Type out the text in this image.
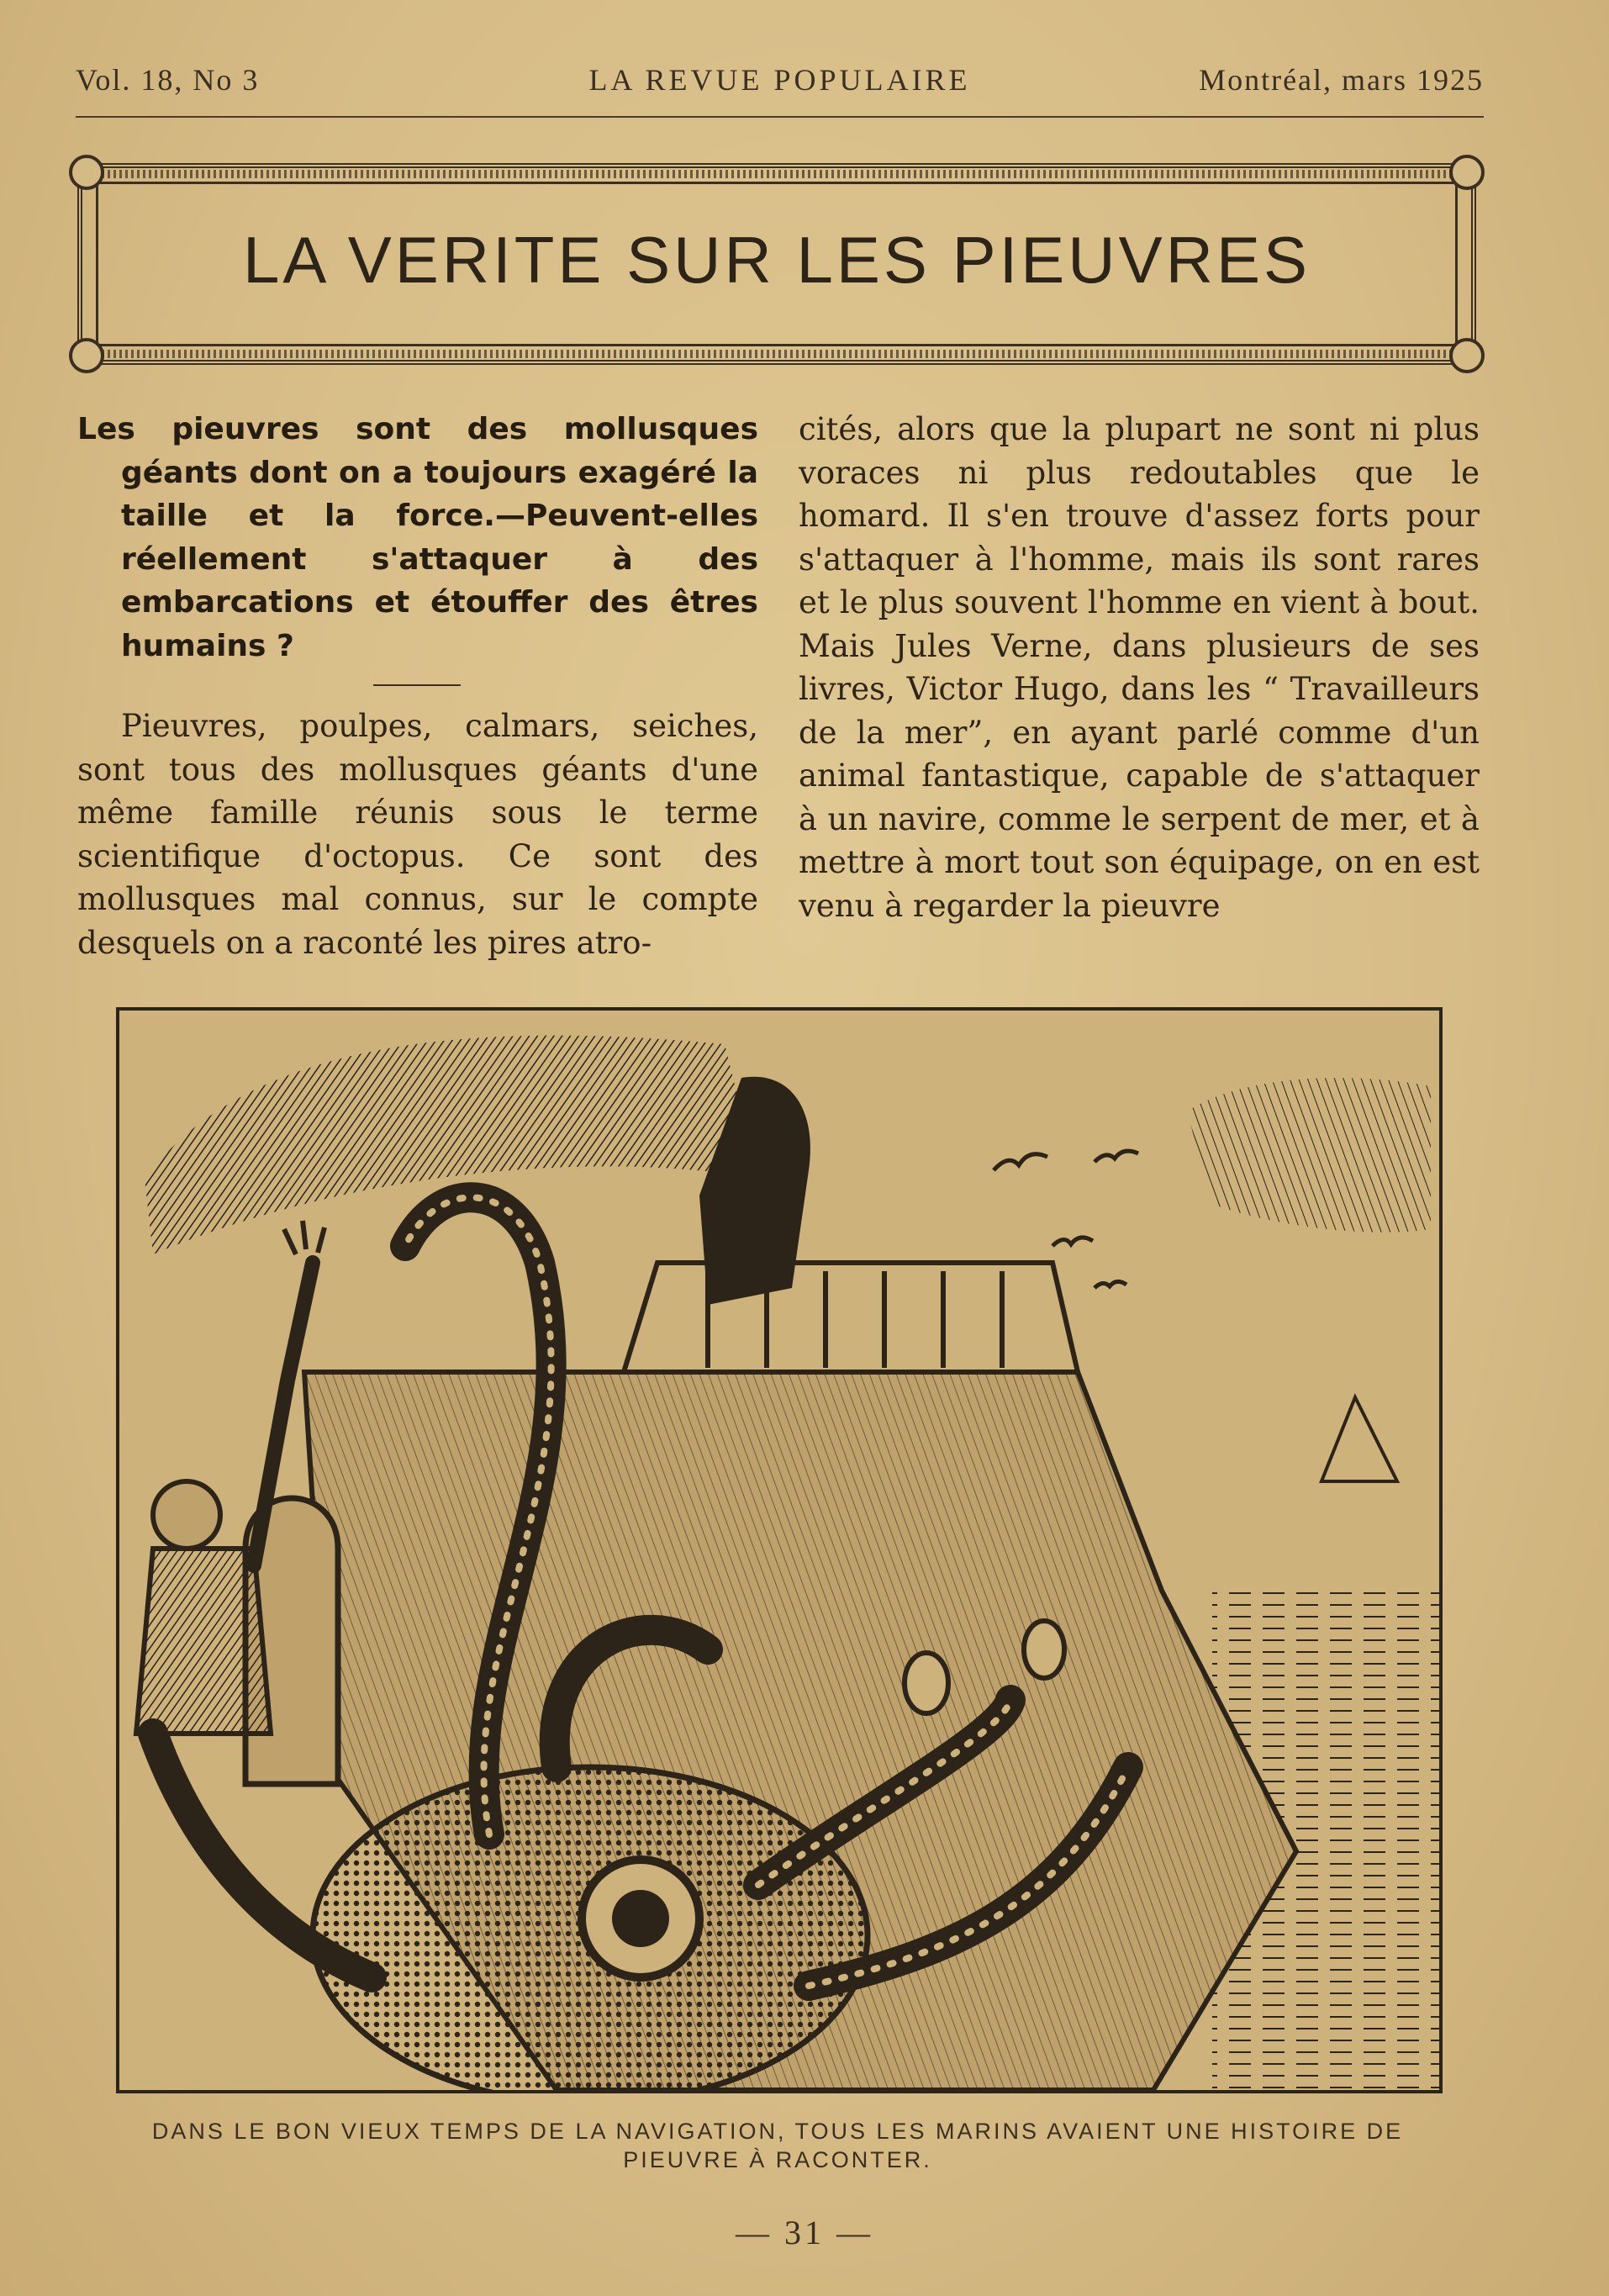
Vol. 18, No 3	LA REVUE POPULAIRE	Montréal, mars 1925
LA VERITE SUR LES PIEUVRES

Les pieuvres sont des mollusques géants dont on a toujours exagéré la taille et la force.—Peuvent-elles réellement s'attaquer à des embarcations et étouffer des êtres humains ?

Pieuvres, poulpes, calmars, seiches, sont tous des mollusques géants d'une même famille réunis sous le terme scientifique d'octopus. Ce sont des mollusques mal connus, sur le compte desquels on a raconté les pires atro-

cités, alors que la plupart ne sont ni plus voraces ni plus redoutables que le homard. Il s'en trouve d'assez forts pour s'attaquer à l'homme, mais ils sont rares et le plus souvent l'homme en vient à bout. Mais Jules Verne, dans plusieurs de ses livres, Victor Hugo, dans les “ Travailleurs de la mer”, en ayant parlé comme d'un animal fantastique, capable de s'attaquer à un navire, comme le serpent de mer, et à mettre à mort tout son équipage, on en est venu à regarder la pieuvre

DANS LE BON VIEUX TEMPS DE LA NAVIGATION, TOUS LES MARINS AVAIENT UNE HISTOIRE DE PIEUVRE À RACONTER.
— 31 —
